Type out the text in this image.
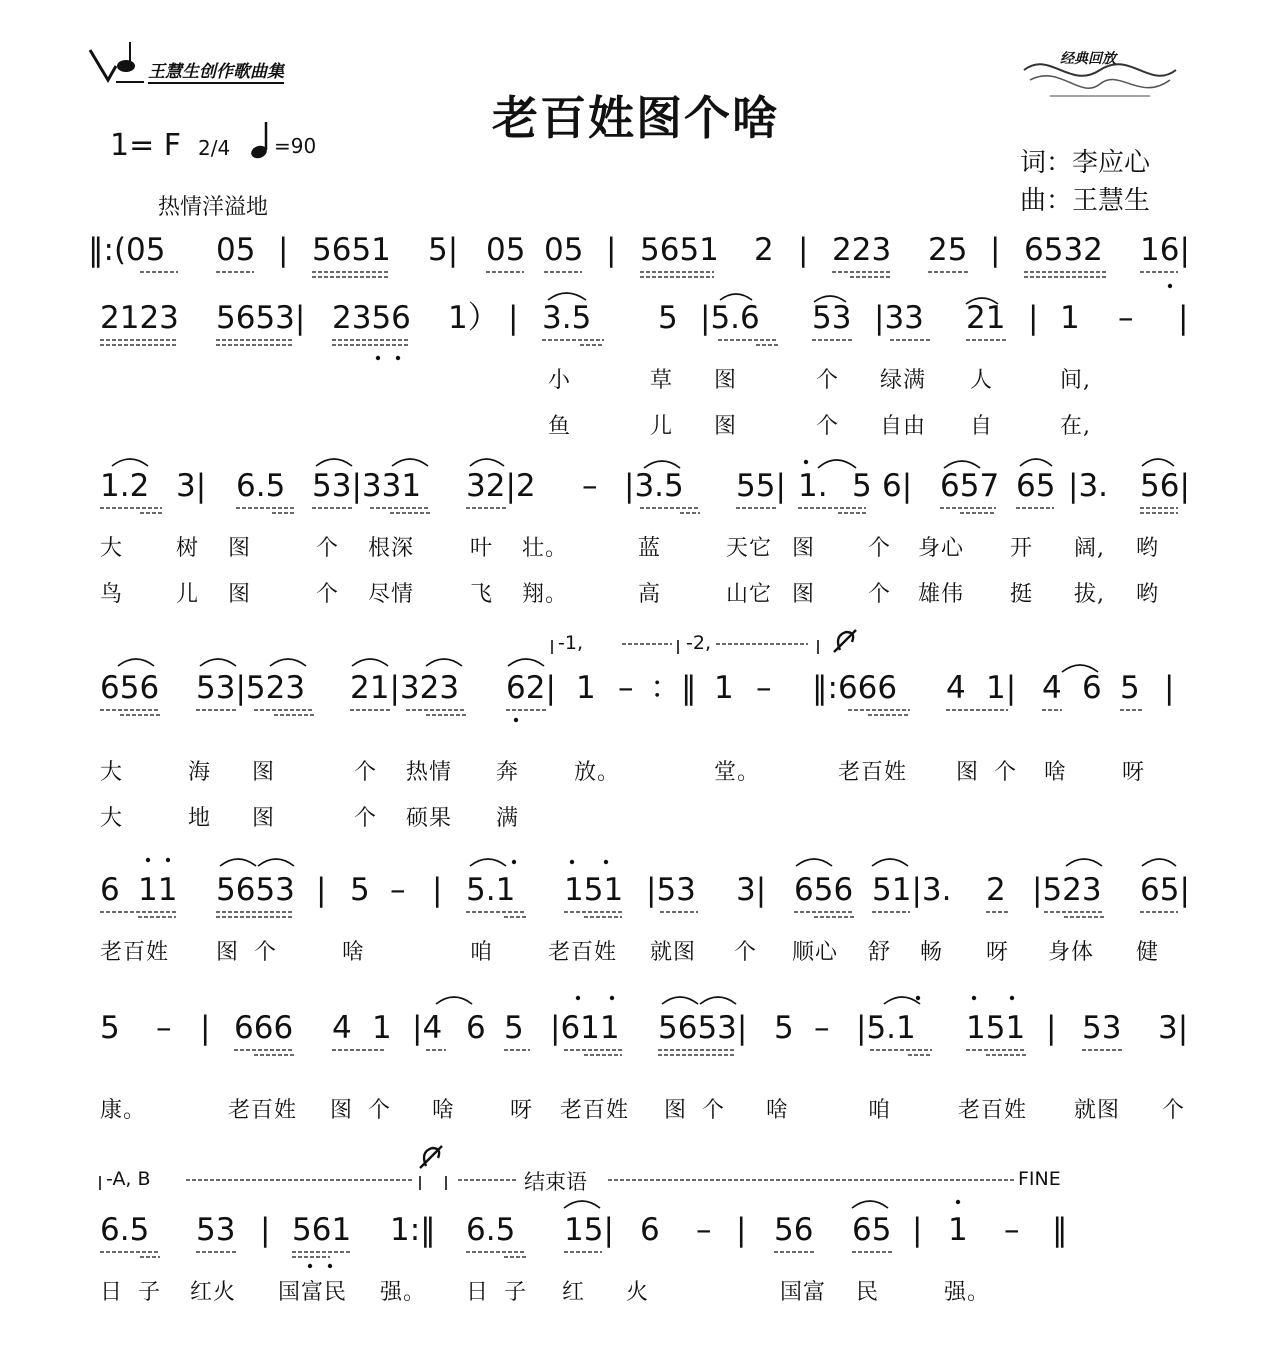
王慧生创作歌曲集
老百姓图个啥
1= F 2/4 =90
词：李应心
曲：王慧生
热情洋溢地
经典回放
‖:(05 05 | 5651 5| 05 05 | 5651 2 | 223 25 | 6532 16|
2123 5653| 2356 1） | 3.5 5 |5.6 53 |33 21 | 1 – |
小	草 图	个 绿满 人	间,
鱼	儿 图	个 自由 自	在,
1.2 3| 6.5 53|331 32|2 – |3.5 55| 1. 5 6| 657 65 |3. 56|
大 树 图	个 根深	叶 壮。	蓝	天它 图 个 身心 开 阔, 哟
鸟 儿 图	个 尽情	飞 翔。	高	山它 图 个 雄伟 挺 拔, 哟
-1,	-2,
656 53|523 21|323 62| 1 – ：‖ 1 – ‖:666 4 1| 4 6 5 |
大	海 图	个 热情 奔 放。	堂。	老百姓 图 个 啥 呀
大	地 图	个 硕果 满
6 11 5653 | 5 – | 5.1 151 |53 3| 656 51|3. 2 |523 65|
老百姓 图 个	啥	咱 老百姓 就图 个 顺心 舒 畅 呀 身体 健
5 – | 666 4 1 |4 6 5 |611 5653| 5 – |5.1 151 | 53 3|
康。	老百姓 图 个 啥 呀 老百姓 图 个 啥	咱	老百姓 就图 个
-A, B	结束语	FINE
6.5 53 | 561 1:‖ 6.5 15| 6 – | 56 65 | 1 – ‖
日 子 红火 国富民 强。 日 子 红 火	国富 民	强。
